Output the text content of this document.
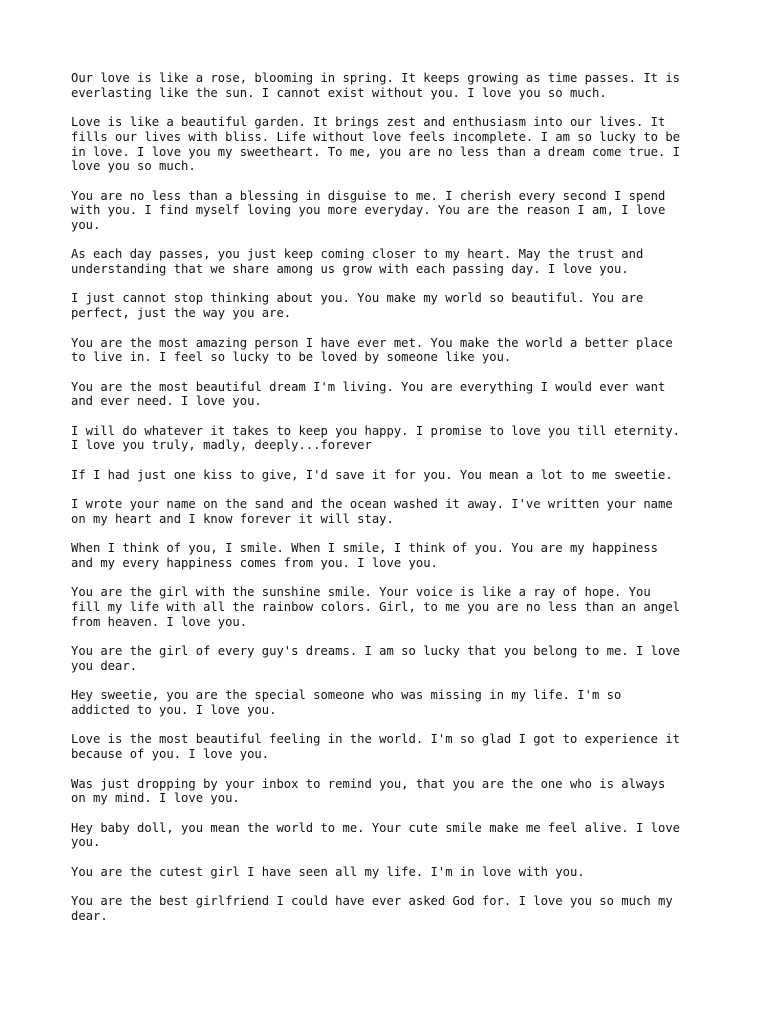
Our love is like a rose, blooming in spring. It keeps growing as time passes. It is
everlasting like the sun. I cannot exist without you. I love you so much.

Love is like a beautiful garden. It brings zest and enthusiasm into our lives. It
fills our lives with bliss. Life without love feels incomplete. I am so lucky to be
in love. I love you my sweetheart. To me, you are no less than a dream come true. I
love you so much.

You are no less than a blessing in disguise to me. I cherish every second I spend
with you. I find myself loving you more everyday. You are the reason I am, I love
you.

As each day passes, you just keep coming closer to my heart. May the trust and
understanding that we share among us grow with each passing day. I love you.

I just cannot stop thinking about you. You make my world so beautiful. You are
perfect, just the way you are.

You are the most amazing person I have ever met. You make the world a better place
to live in. I feel so lucky to be loved by someone like you.

You are the most beautiful dream I'm living. You are everything I would ever want
and ever need. I love you.

I will do whatever it takes to keep you happy. I promise to love you till eternity.
I love you truly, madly, deeply...forever

If I had just one kiss to give, I'd save it for you. You mean a lot to me sweetie.

I wrote your name on the sand and the ocean washed it away. I've written your name
on my heart and I know forever it will stay.

When I think of you, I smile. When I smile, I think of you. You are my happiness
and my every happiness comes from you. I love you.

You are the girl with the sunshine smile. Your voice is like a ray of hope. You
fill my life with all the rainbow colors. Girl, to me you are no less than an angel
from heaven. I love you.

You are the girl of every guy's dreams. I am so lucky that you belong to me. I love
you dear.

Hey sweetie, you are the special someone who was missing in my life. I'm so
addicted to you. I love you.

Love is the most beautiful feeling in the world. I'm so glad I got to experience it
because of you. I love you.

Was just dropping by your inbox to remind you, that you are the one who is always
on my mind. I love you.

Hey baby doll, you mean the world to me. Your cute smile make me feel alive. I love
you.

You are the cutest girl I have seen all my life. I'm in love with you.

You are the best girlfriend I could have ever asked God for. I love you so much my
dear.
